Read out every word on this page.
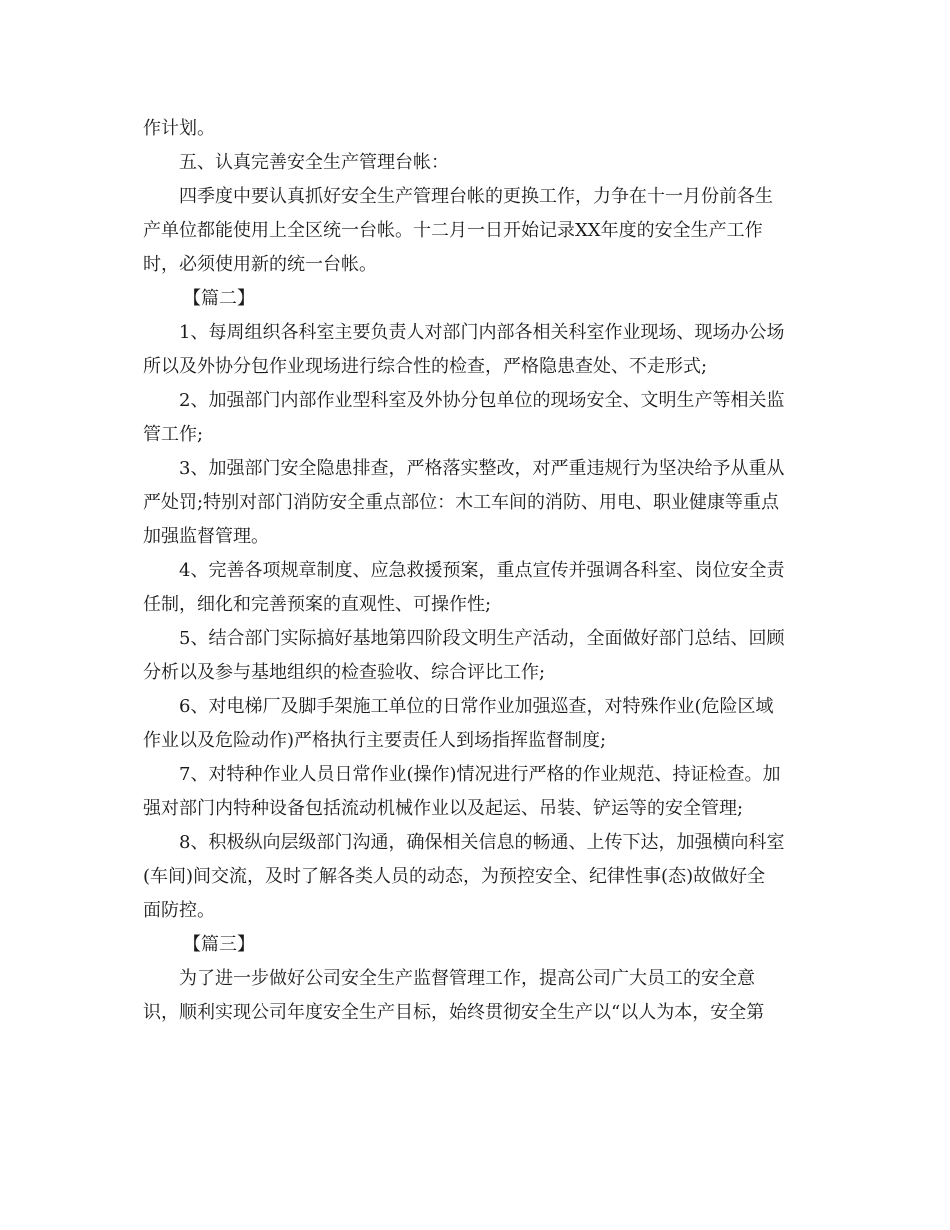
作计划。
五、认真完善安全生产管理台帐：
四季度中要认真抓好安全生产管理台帐的更换工作，力争在十一月份前各生
产单位都能使用上全区统一台帐。十二月一日开始记录XX年度的安全生产工作
时，必须使用新的统一台帐。
【篇二】
1、每周组织各科室主要负责人对部门内部各相关科室作业现场、现场办公场
所以及外协分包作业现场进行综合性的检查，严格隐患查处、不走形式;
2、加强部门内部作业型科室及外协分包单位的现场安全、文明生产等相关监
管工作;
3、加强部门安全隐患排查，严格落实整改，对严重违规行为坚决给予从重从
严处罚;特别对部门消防安全重点部位：木工车间的消防、用电、职业健康等重点
加强监督管理。
4、完善各项规章制度、应急救援预案，重点宣传并强调各科室、岗位安全责
任制，细化和完善预案的直观性、可操作性;
5、结合部门实际搞好基地第四阶段文明生产活动，全面做好部门总结、回顾
分析以及参与基地组织的检查验收、综合评比工作;
6、对电梯厂及脚手架施工单位的日常作业加强巡查，对特殊作业(危险区域
作业以及危险动作)严格执行主要责任人到场指挥监督制度;
7、对特种作业人员日常作业(操作)情况进行严格的作业规范、持证检查。加
强对部门内特种设备包括流动机械作业以及起运、吊装、铲运等的安全管理;
8、积极纵向层级部门沟通，确保相关信息的畅通、上传下达，加强横向科室
(车间)间交流，及时了解各类人员的动态，为预控安全、纪律性事(态)故做好全
面防控。
【篇三】
为了进一步做好公司安全生产监督管理工作，提高公司广大员工的安全意
识，顺利实现公司年度安全生产目标，始终贯彻安全生产以“以人为本，安全第
